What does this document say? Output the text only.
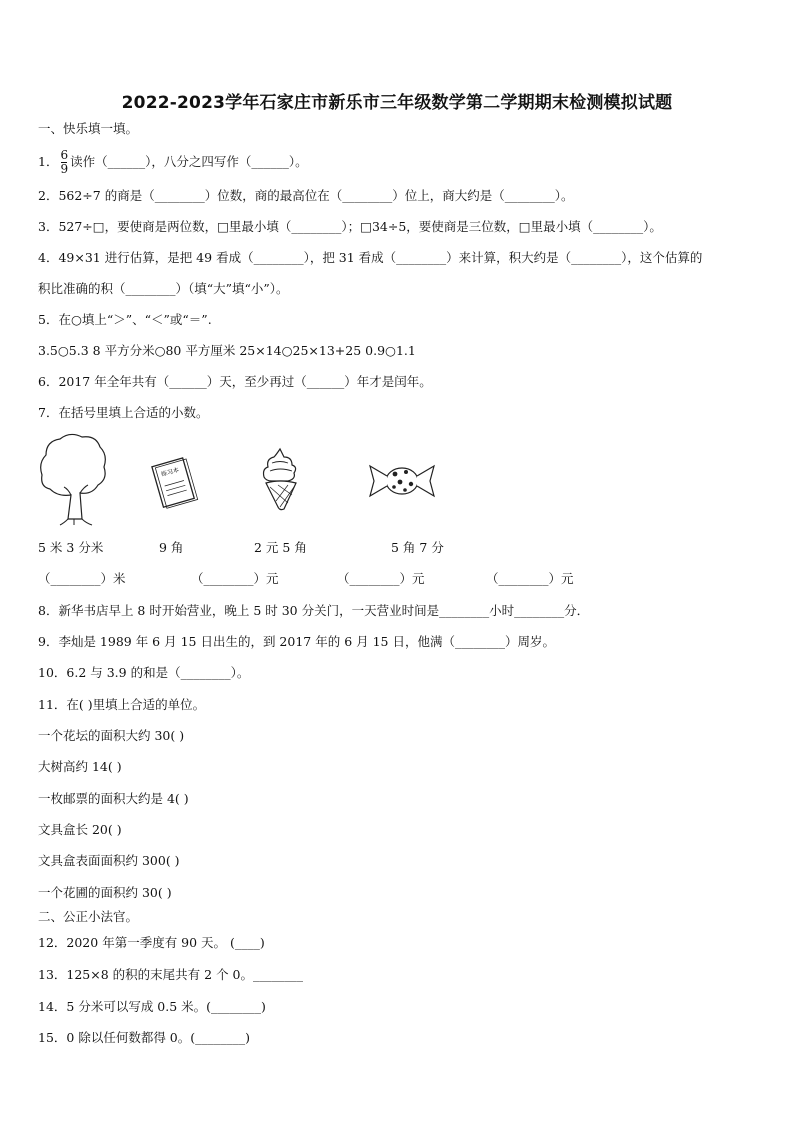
2022-2023学年石家庄市新乐市三年级数学第二学期期末检测模拟试题
一、快乐填一填。
1． $\frac{6}{9}$ 读作（______），八分之四写作（______）。
2．562÷7 的商是（________）位数，商的最高位在（________）位上，商大约是（________）。
3．527÷□，要使商是两位数，□里最小填（________）；□34÷5，要使商是三位数，□里最小填（________）。
4．49×31 进行估算，是把 49 看成（________），把 31 看成（________）来计算，积大约是（________），这个估算的
积比准确的积（________）（填“大”填“小”）。
5．在○填上“＞”、“＜”或“＝”.
3.5○5.3 8 平方分米○80 平方厘米 25×14○25×13+25 0.9○1.1
6．2017 年全年共有（______）天，至少再过（______）年才是闰年。
7．在括号里填上合适的小数。
练习本
5 米 3 分米	9 角	2 元 5 角	5 角 7 分
（________）米	（________）元	（________）元	（________）元
8．新华书店早上 8 时开始营业，晚上 5 时 30 分关门，一天营业时间是________小时________分．
9．李灿是 1989 年 6 月 15 日出生的，到 2017 年的 6 月 15 日，他满（________）周岁。
10．6.2 与 3.9 的和是（________）。
11．在( )里填上合适的单位。
一个花坛的面积大约 30( )
大树高约 14( )
一枚邮票的面积大约是 4( )
文具盒长 20( )
文具盒表面面积约 300( )
一个花圃的面积约 30( )
二、公正小法官。
12．2020 年第一季度有 90 天。 (____)
13．125×8 的积的末尾共有 2 个 0。________
14．5 分米可以写成 0.5 米。(________)
15．0 除以任何数都得 0。(________)
